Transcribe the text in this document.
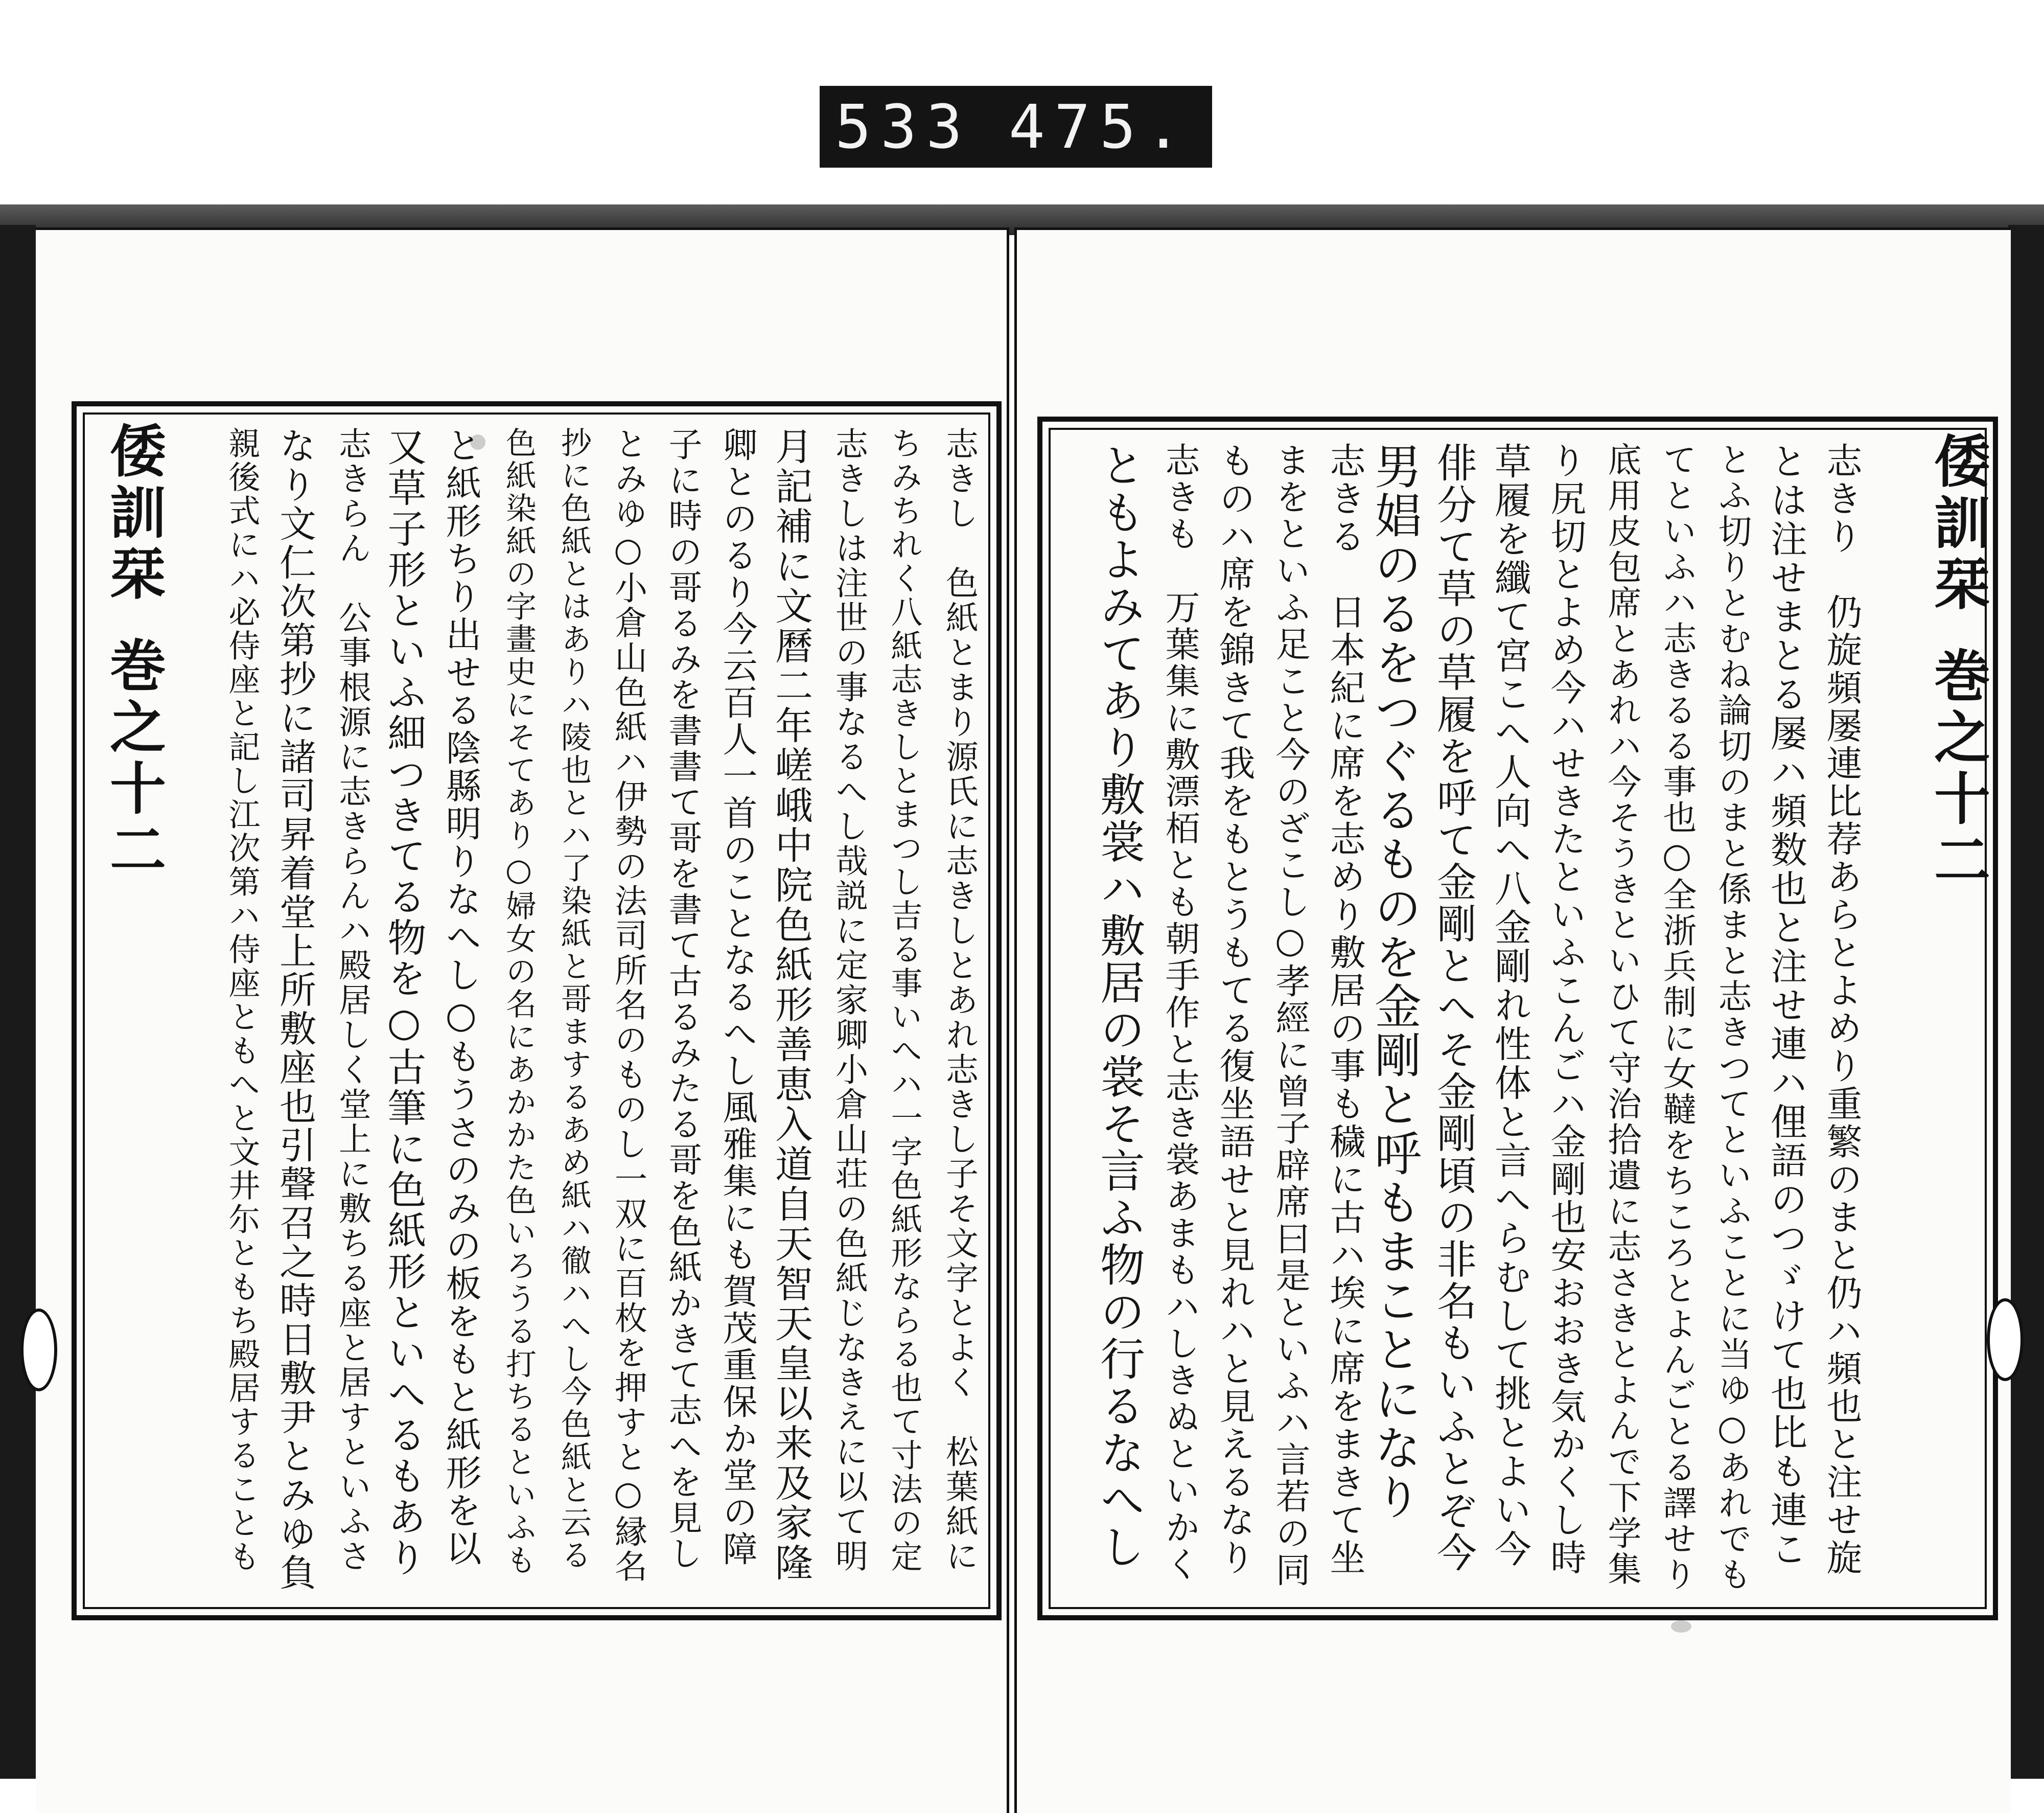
533 475.
志きし　色紙とまり源氏に志きしとあれ志きし子そ文字とよく　松葉紙に
ちみちれく八紙志きしとまつし吉る事いへハ一字色紙形ならる也て寸法の定
志きしは注世の事なるへし哉説に定家卿小倉山荘の色紙じなきえに以て明
月記補に文曆二年嵯峨中院色紙形善恵入道自天智天皇以来及家隆
卿とのるり今云百人一首のことなるへし風雅集にも賀茂重保か堂の障
子に時の哥るみを書書て哥を書て古るみたる哥を色紙かきて志へを見し
とみゆ○小倉山色紙ハ伊勢の法司所名のものし一双に百枚を押すと○縁名
抄に色紙とはありハ陵也とハ了染紙と哥まするあめ紙ハ徹ハへし今色紙と云る
色紙染紙の字畫史にそてあり○婦女の名にあかかた色いろうる打ちるといふも
と紙形ちり出せる陰縣明りなへし○もうさのみの板をもと紙形を以
又草子形といふ細つきてる物を○古筆に色紙形といへるもあり
志きらん　公事根源に志きらんハ殿居しく堂上に敷ちる座と居すといふさ
なり文仁次第抄に諸司昇着堂上所敷座也引聲召之時日敷尹とみゆ負
親後式にハ必侍座と記し江次第ハ侍座ともへと文井尓ともち殿居することも
倭訓栞巻之十二	志きり　仍旋頻屡連比荐あらとよめり重繁のまと仍ハ頻也と注せ旋
とは注せまとる屡ハ頻数也と注せ連ハ俚語のつゞけて也比も連こ
とふ切りとむね論切のまと係まと志きつてといふことに当ゆ○あれでも
てといふハ志きるる事也○全浙兵制に女韃をちころとよんごとる譯せり
底用皮包席とあれハ今そうきといひて守治拾遺に志さきとよんで下学集
り尻切とよめ今ハせきたといふこんごハ金剛也安おおき気かくし時
草履を纖て宮こへ人向へ八金剛れ性体と言へらむして挑とよい今
俳分て草の草履を呼て金剛とへそ金剛頃の非名もいふとぞ今
男娼のるをつぐるものを金剛と呼もまことになり
志きる　日本紀に席を志めり敷居の事も穢に古ハ埃に席をまきて坐
まをといふ足こと今のざこし○孝經に曾子辟席曰是といふハ言若の同
ものハ席を錦きて我をもとうもてる復坐語せと見れハと見えるなり
志きも　万葉集に敷漂栢とも朝手作と志き裳あまもハしきぬといかく
ともよみてあり敷裳ハ敷居の裳そ言ふ物の行るなへし	倭訓栞巻之十二
